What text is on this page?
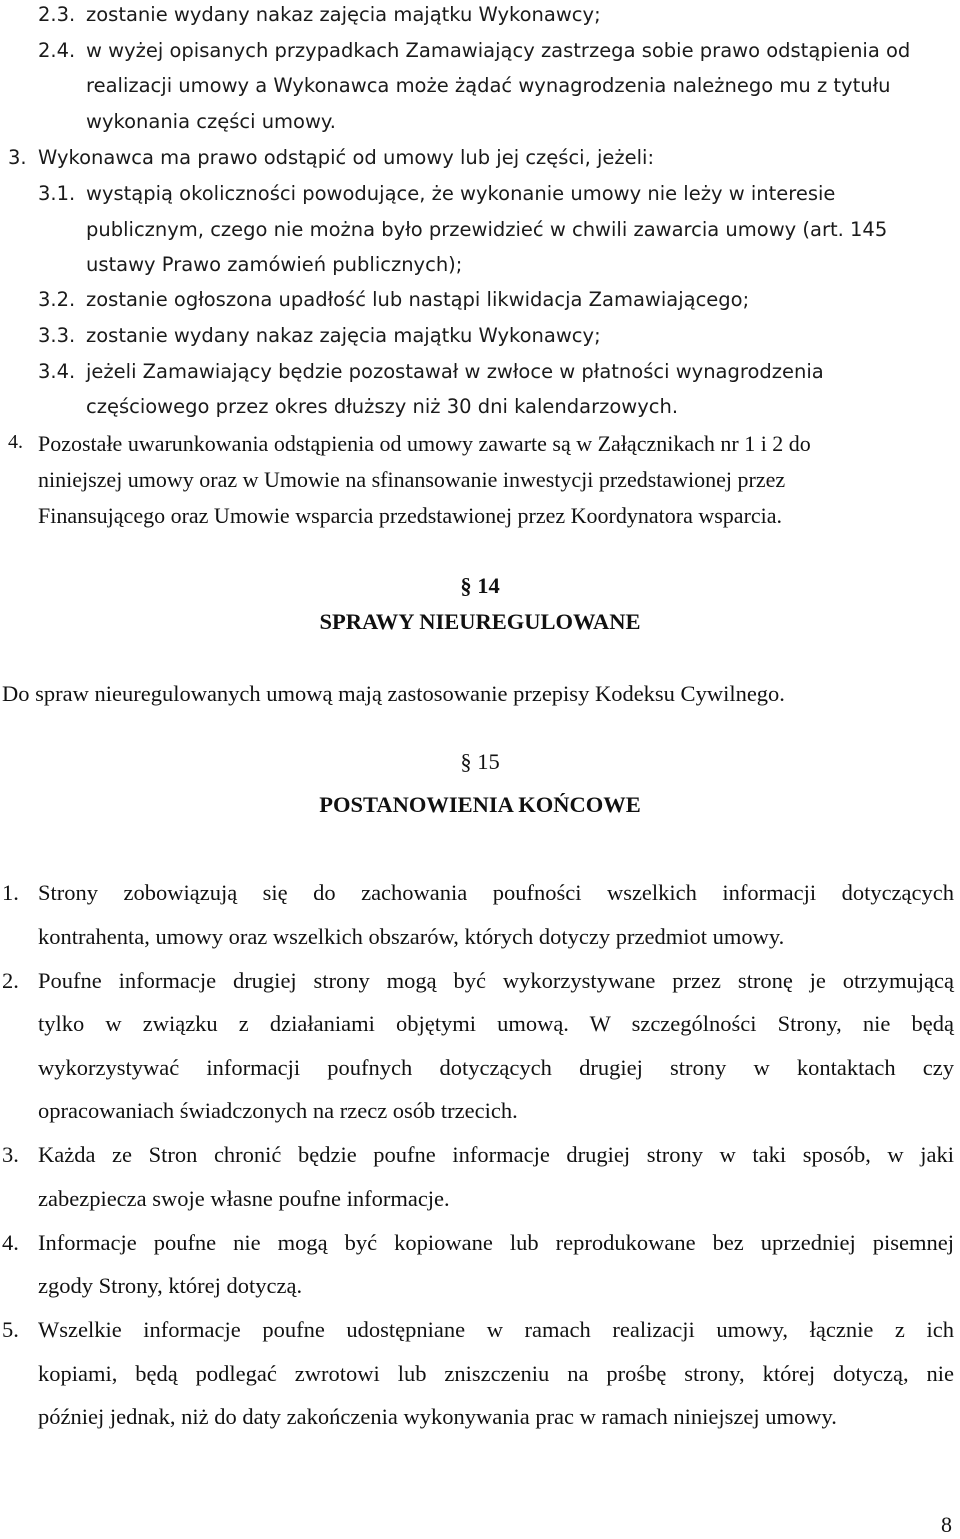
2.3. zostanie wydany nakaz zajęcia majątku Wykonawcy;
2.4. w wyżej opisanych przypadkach Zamawiający zastrzega sobie prawo odstąpienia od
realizacji umowy a Wykonawca może żądać wynagrodzenia należnego mu z tytułu
wykonania części umowy.
3. Wykonawca ma prawo odstąpić od umowy lub jej części, jeżeli:
3.1. wystąpią okoliczności powodujące, że wykonanie umowy nie leży w interesie
publicznym, czego nie można było przewidzieć w chwili zawarcia umowy (art. 145
ustawy Prawo zamówień publicznych);
3.2. zostanie ogłoszona upadłość lub nastąpi likwidacja Zamawiającego;
3.3. zostanie wydany nakaz zajęcia majątku Wykonawcy;
3.4. jeżeli Zamawiający będzie pozostawał w zwłoce w płatności wynagrodzenia
częściowego przez okres dłuższy niż 30 dni kalendarzowych.
4. Pozostałe uwarunkowania odstąpienia od umowy zawarte są w Załącznikach nr 1 i 2 do
niniejszej umowy oraz w Umowie na sfinansowanie inwestycji przedstawionej przez
Finansującego oraz Umowie wsparcia przedstawionej przez Koordynatora wsparcia.
§ 14
SPRAWY NIEUREGULOWANE
Do spraw nieuregulowanych umową mają zastosowanie przepisy Kodeksu Cywilnego.
§ 15
POSTANOWIENIA KOŃCOWE
1. Strony zobowiązują się do zachowania poufności wszelkich informacji dotyczących
kontrahenta, umowy oraz wszelkich obszarów, których dotyczy przedmiot umowy.
2. Poufne informacje drugiej strony mogą być wykorzystywane przez stronę je otrzymującą
tylko w związku z działaniami objętymi umową. W szczególności Strony, nie będą
wykorzystywać informacji poufnych dotyczących drugiej strony w kontaktach czy
opracowaniach świadczonych na rzecz osób trzecich.
3. Każda ze Stron chronić będzie poufne informacje drugiej strony w taki sposób, w jaki
zabezpiecza swoje własne poufne informacje.
4. Informacje poufne nie mogą być kopiowane lub reprodukowane bez uprzedniej pisemnej
zgody Strony, której dotyczą.
5. Wszelkie informacje poufne udostępniane w ramach realizacji umowy, łącznie z ich
kopiami, będą podlegać zwrotowi lub zniszczeniu na prośbę strony, której dotyczą, nie
później jednak, niż do daty zakończenia wykonywania prac w ramach niniejszej umowy.
8
